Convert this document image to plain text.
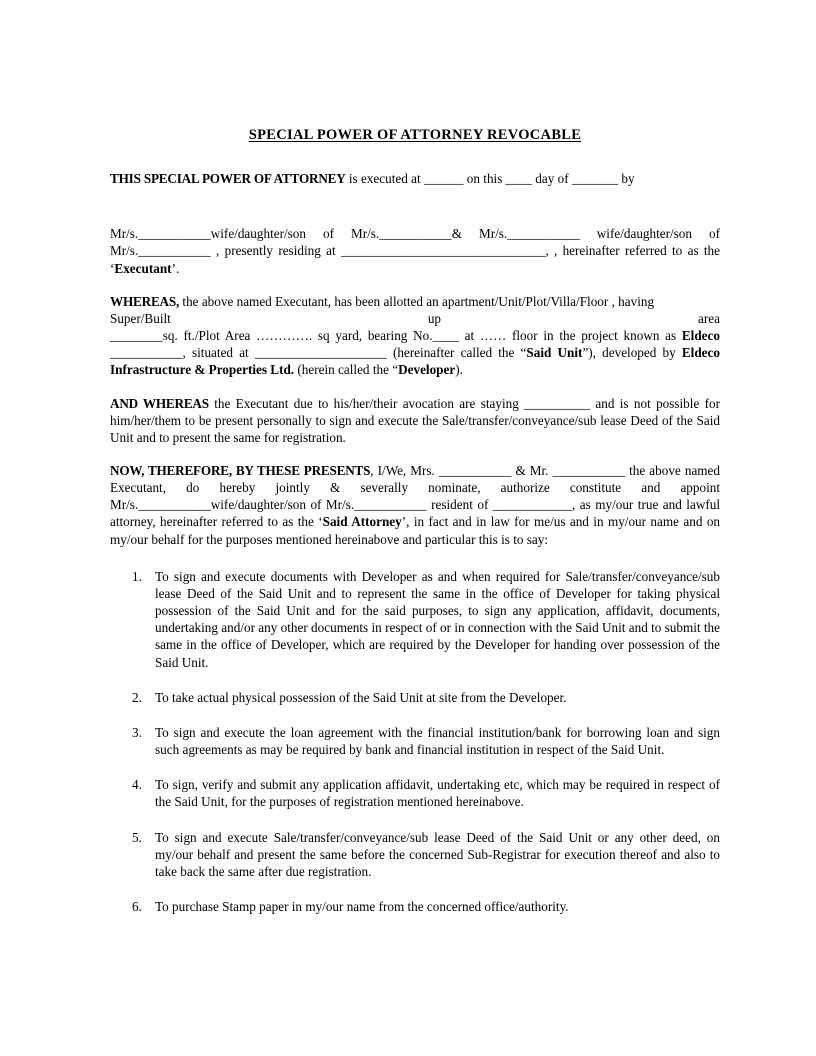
SPECIAL POWER OF ATTORNEY REVOCABLE

THIS SPECIAL POWER OF ATTORNEY is executed at ______ on this ____ day of _______ by

Mr/s.___________wife/daughter/son of Mr/s.___________& Mr/s.___________ wife/daughter/son of Mr/s.___________ , presently residing at _______________________________, , hereinafter referred to as the ‘Executant’.

WHEREAS, the above named Executant, has been allotted an apartment/Unit/Plot/Villa/Floor , having

Super/Built	up	area

________sq. ft./Plot Area …………. sq yard, bearing No.____ at …… floor in the project known as Eldeco ___________, situated at ____________________ (hereinafter called the “Said Unit”), developed by Eldeco Infrastructure & Properties Ltd. (herein called the “Developer).

AND WHEREAS the Executant due to his/her/their avocation are staying __________ and is not possible for him/her/them to be present personally to sign and execute the Sale/transfer/conveyance/sub lease Deed of the Said Unit and to present the same for registration.

NOW, THEREFORE, BY THESE PRESENTS, I/We, Mrs. ___________ & Mr. ___________ the above named Executant, do hereby jointly & severally nominate, authorize constitute and appoint Mr/s.___________wife/daughter/son of Mr/s.___________ resident of ____________, as my/our true and lawful attorney, hereinafter referred to as the ‘Said Attorney’, in fact and in law for me/us and in my/our name and on my/our behalf for the purposes mentioned hereinabove and particular this is to say:

To sign and execute documents with Developer as and when required for Sale/transfer/conveyance/sub lease Deed of the Said Unit and to represent the same in the office of Developer for taking physical possession of the Said Unit and for the said purposes, to sign any application, affidavit, documents, undertaking and/or any other documents in respect of or in connection with the Said Unit and to submit the same in the office of Developer, which are required by the Developer for handing over possession of the Said Unit.
To take actual physical possession of the Said Unit at site from the Developer.
To sign and execute the loan agreement with the financial institution/bank for borrowing loan and sign such agreements as may be required by bank and financial institution in respect of the Said Unit.
To sign, verify and submit any application affidavit, undertaking etc, which may be required in respect of the Said Unit, for the purposes of registration mentioned hereinabove.
To sign and execute Sale/transfer/conveyance/sub lease Deed of the Said Unit or any other deed, on my/our behalf and present the same before the concerned Sub-Registrar for execution thereof and also to take back the same after due registration.
To purchase Stamp paper in my/our name from the concerned office/authority.
